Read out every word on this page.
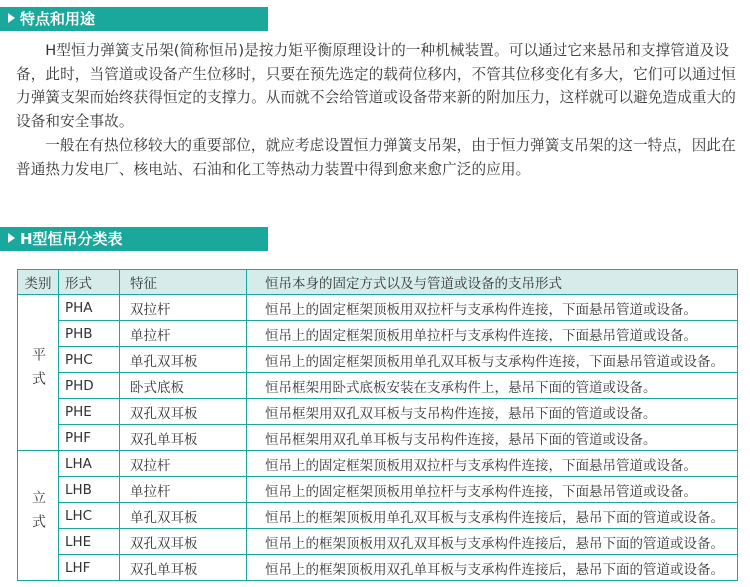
特点和用途

H型恒力弹簧支吊架(简称恒吊)是按力矩平衡原理设计的一种机械装置。可以通过它来悬吊和支撑管道及设备，此时，当管道或设备产生位移时，只要在预先选定的载荷位移内，不管其位移变化有多大，它们可以通过恒力弹簧支架而始终获得恒定的支撑力。从而就不会给管道或设备带来新的附加压力，这样就可以避免造成重大的设备和安全事故。

一般在有热位移较大的重要部位，就应考虑设置恒力弹簧支吊架，由于恒力弹簧支吊架的这一特点，因此在普通热力发电厂、核电站、石油和化工等热动力装置中得到愈来愈广泛的应用。

H型恒吊分类表
类别	形式	特征	恒吊本身的固定方式以及与管道或设备的支吊形式
平式	PHA	双拉杆	恒吊上的固定框架顶板用双拉杆与支承构件连接，下面悬吊管道或设备。
	PHB	单拉杆	恒吊上的固定框架顶板用单拉杆与支承构件连接，下面悬吊管道或设备。
	PHC	单孔双耳板	恒吊上的固定框架顶板用单孔双耳板与支承构件连接，下面悬吊管道或设备。
	PHD	卧式底板	恒吊框架用卧式底板安装在支承构件上，悬吊下面的管道或设备。
	PHE	双孔双耳板	恒吊框架用双孔双耳板与支吊构件连接，悬吊下面的管道或设备。
	PHF	双孔单耳板	恒吊框架用双孔单耳板与支吊构件连接，悬吊下面的管道或设备。
立式	LHA	双拉杆	恒吊上的固定框架顶板用双拉杆与支承构件连接，下面悬吊管道或设备。
	LHB	单拉杆	恒吊上的固定框架顶板用单拉杆与支承构件连接，下面悬吊管道或设备。
	LHC	单孔双耳板	恒吊上的框架顶板用单孔双耳板与支承构件连接后，悬吊下面的管道或设备。
	LHE	双孔双耳板	恒吊上的框架顶板用双孔双耳板与支承构件连接后，悬吊下面的管道或设备。
	LHF	双孔单耳板	恒吊上的框架顶板用双孔单耳板与支承构件连接后，悬吊下面的管道或设备。
